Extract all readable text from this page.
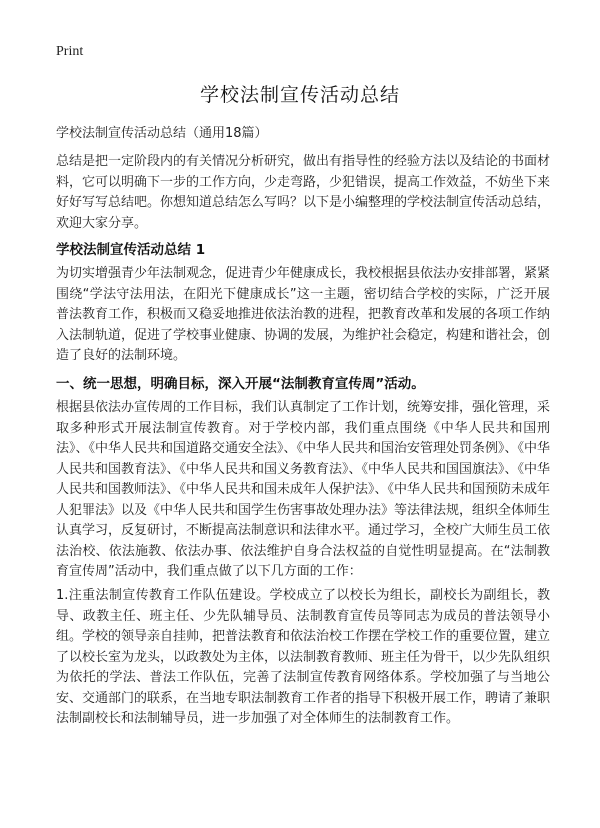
Print
学校法制宣传活动总结
学校法制宣传活动总结（通用18篇）

总结是把一定阶段内的有关情况分析研究，做出有指导性的经验方法以及结论的书面材料，它可以明确下一步的工作方向，少走弯路，少犯错误，提高工作效益，不妨坐下来好好写写总结吧。你想知道总结怎么写吗？以下是小编整理的学校法制宣传活动总结，欢迎大家分享。

学校法制宣传活动总结 1

为切实增强青少年法制观念，促进青少年健康成长，我校根据县依法办安排部署，紧紧围绕“学法守法用法，在阳光下健康成长”这一主题，密切结合学校的实际，广泛开展普法教育工作，积极而又稳妥地推进依法治教的进程，把教育改革和发展的各项工作纳入法制轨道，促进了学校事业健康、协调的发展，为维护社会稳定，构建和谐社会，创造了良好的法制环境。

一、统一思想，明确目标，深入开展“法制教育宣传周”活动。

根据县依法办宣传周的工作目标，我们认真制定了工作计划，统筹安排，强化管理，采取多种形式开展法制宣传教育。对于学校内部，我们重点围绕《中华人民共和国刑法》、《中华人民共和国道路交通安全法》、《中华人民共和国治安管理处罚条例》、《中华人民共和国教育法》、《中华人民共和国义务教育法》、《中华人民共和国国旗法》、《中华人民共和国教师法》、《中华人民共和国未成年人保护法》、《中华人民共和国预防未成年人犯罪法》以及《中华人民共和国学生伤害事故处理办法》等法律法规，组织全体师生认真学习，反复研讨，不断提高法制意识和法律水平。通过学习，全校广大师生员工依法治校、依法施教、依法办事、依法维护自身合法权益的自觉性明显提高。在“法制教育宣传周”活动中，我们重点做了以下几方面的工作：

1.注重法制宣传教育工作队伍建设。学校成立了以校长为组长，副校长为副组长，教导、政教主任、班主任、少先队辅导员、法制教育宣传员等同志为成员的普法领导小组。学校的领导亲自挂帅，把普法教育和依法治校工作摆在学校工作的重要位置，建立了以校长室为龙头，以政教处为主体，以法制教育教师、班主任为骨干，以少先队组织为依托的学法、普法工作队伍，完善了法制宣传教育网络体系。学校加强了与当地公安、交通部门的联系，在当地专职法制教育工作者的指导下积极开展工作，聘请了兼职法制副校长和法制辅导员，进一步加强了对全体师生的法制教育工作。
